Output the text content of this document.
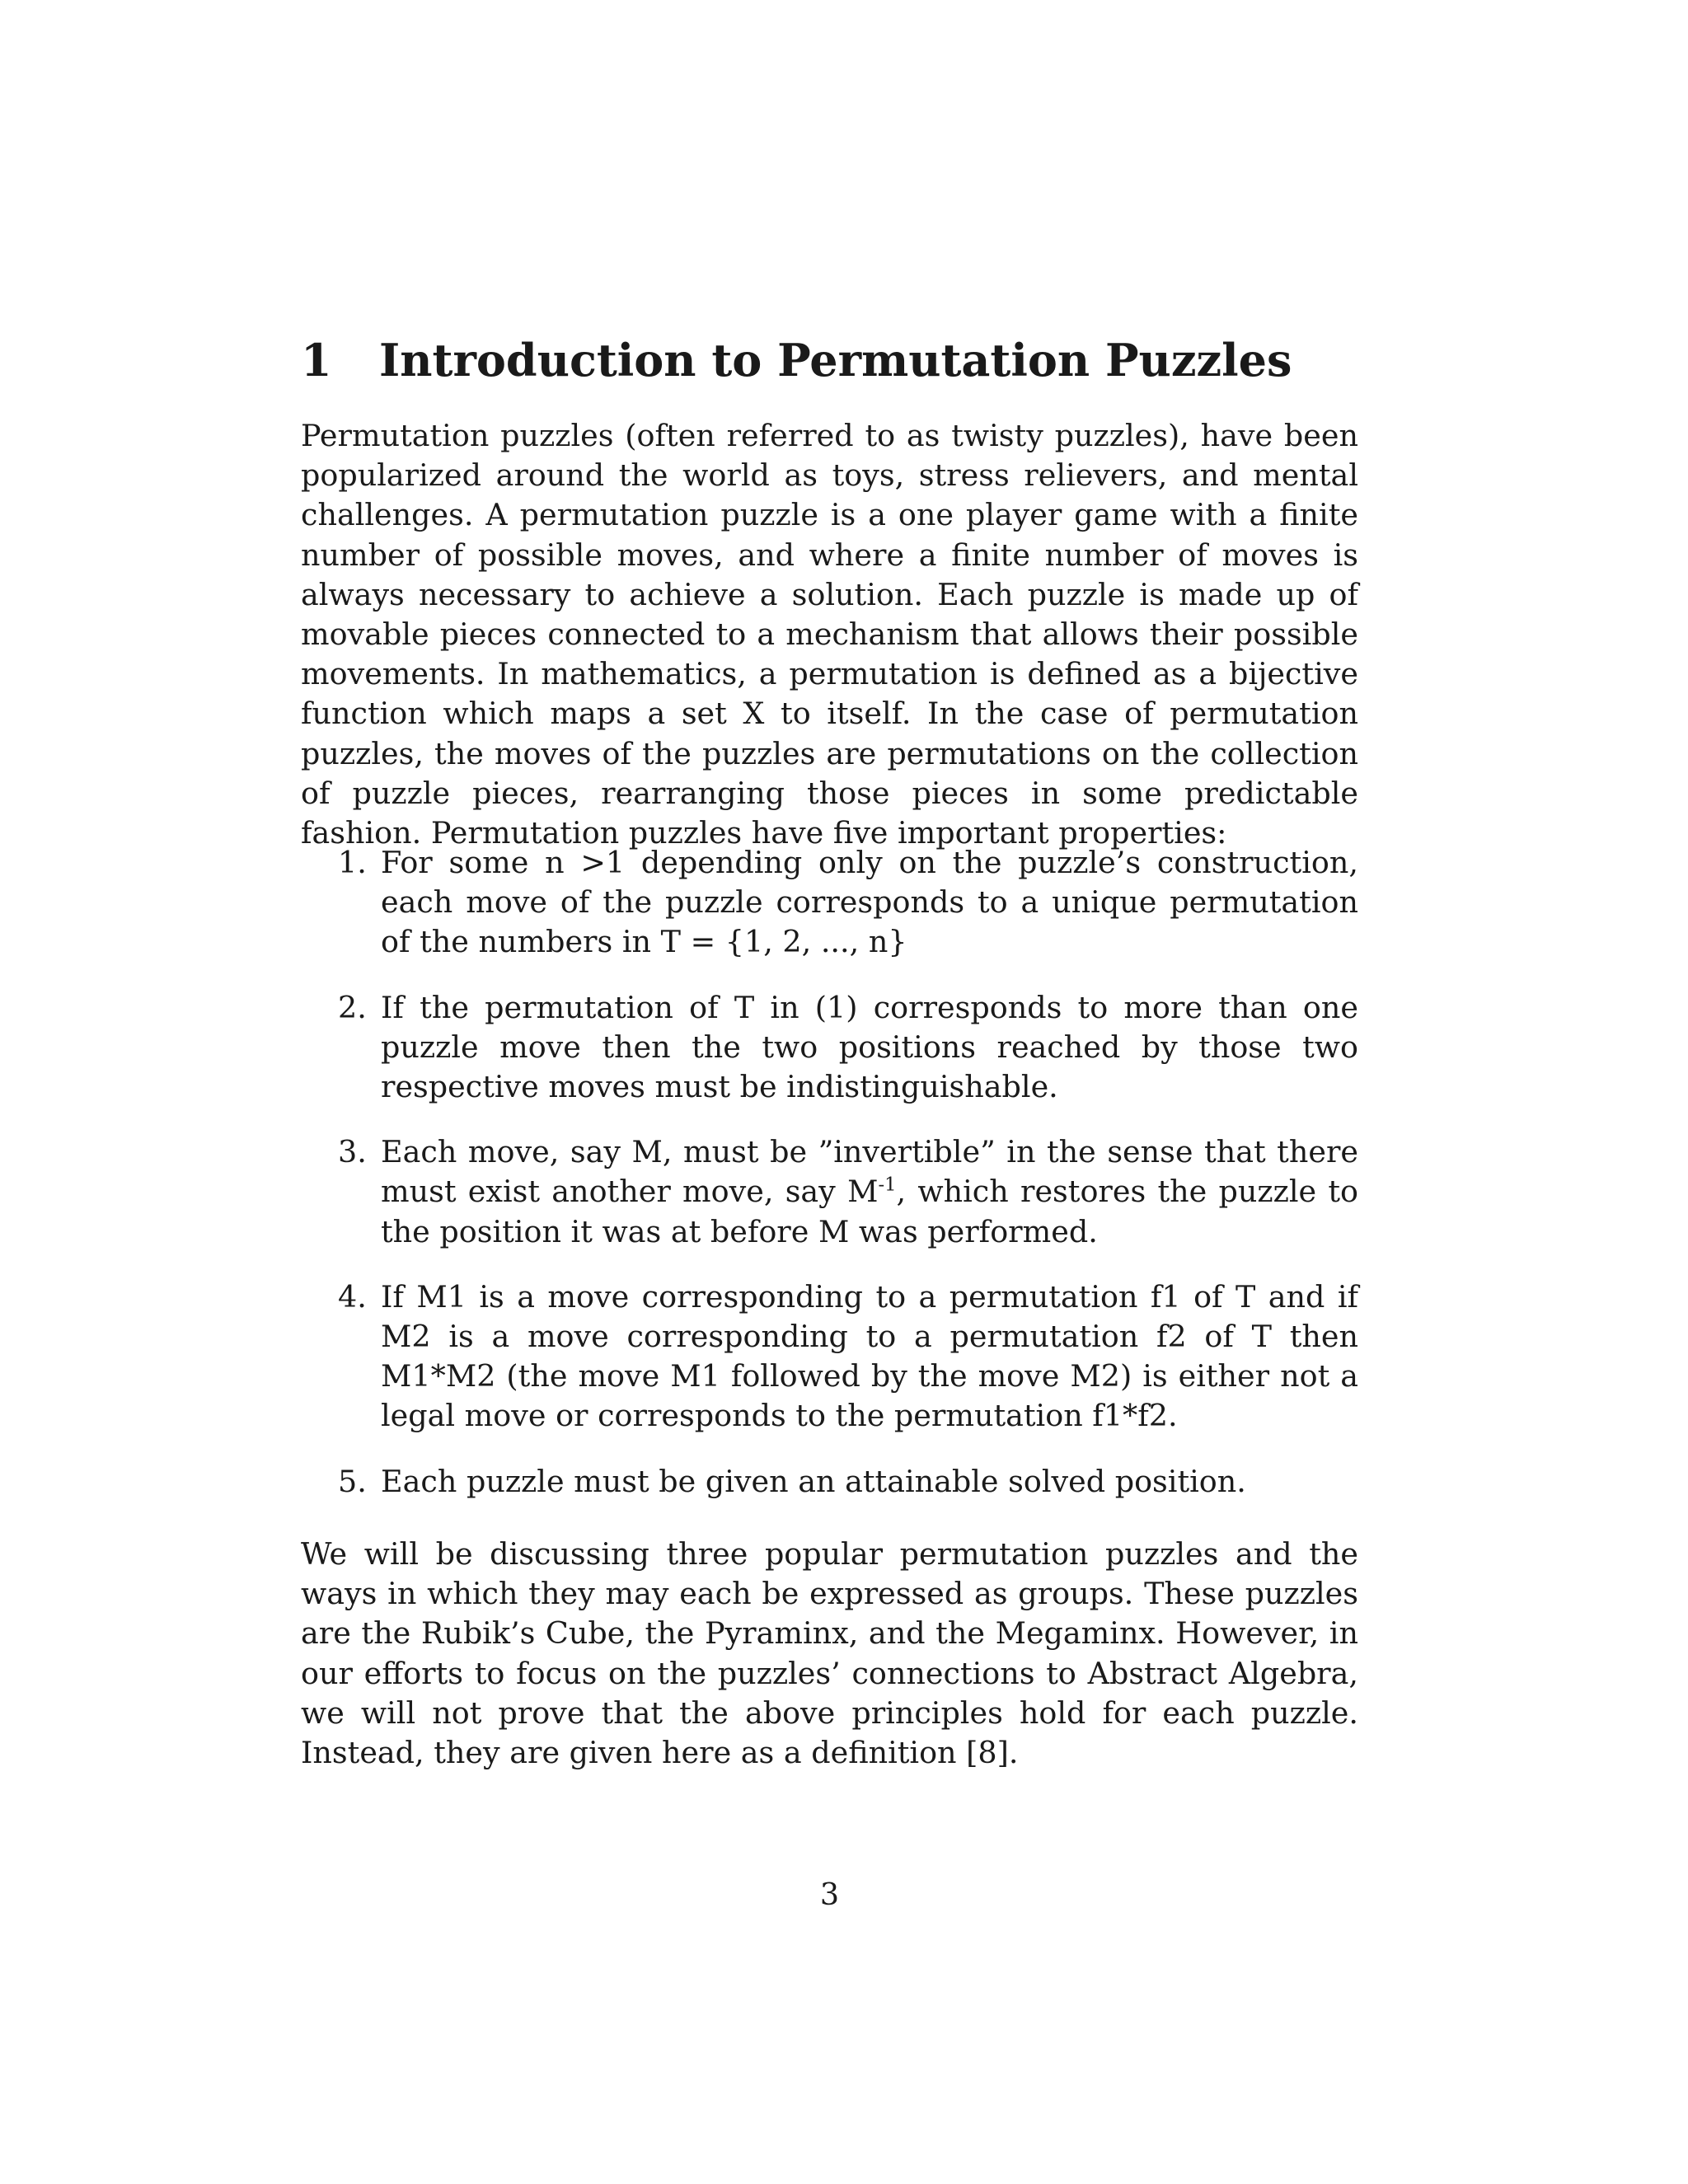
1 Introduction to Permutation Puzzles

Permutation puzzles (often referred to as twisty puzzles), have been popularized around the world as toys, stress relievers, and mental challenges. A permutation puzzle is a one player game with a finite number of possible moves, and where a finite number of moves is always necessary to achieve a solution. Each puzzle is made up of movable pieces connected to a mechanism that allows their possible movements. In mathematics, a permutation is defined as a bijective function which maps a set X to itself. In the case of permutation puzzles, the moves of the puzzles are permutations on the collection of puzzle pieces, rearranging those pieces in some predictable fashion. Permutation puzzles have five important properties:

1. For some n >1 depending only on the puzzle’s construction, each move of the puzzle corresponds to a unique permutation of the numbers in T = {1, 2, ..., n}
2. If the permutation of T in (1) corresponds to more than one puzzle move then the two positions reached by those two respective moves must be indistinguishable.
3. Each move, say M, must be ”invertible” in the sense that there must exist another move, say $M^{-1}$, which restores the puzzle to the position it was at before M was performed.
4. If M1 is a move corresponding to a permutation f1 of T and if M2 is a move corresponding to a permutation f2 of T then M1*M2 (the move M1 followed by the move M2) is either not a legal move or corresponds to the permutation f1*f2.
5. Each puzzle must be given an attainable solved position.

We will be discussing three popular permutation puzzles and the ways in which they may each be expressed as groups. These puzzles are the Rubik’s Cube, the Pyraminx, and the Megaminx. However, in our efforts to focus on the puzzles’ connections to Abstract Algebra, we will not prove that the above principles hold for each puzzle. Instead, they are given here as a definition [8].

3
